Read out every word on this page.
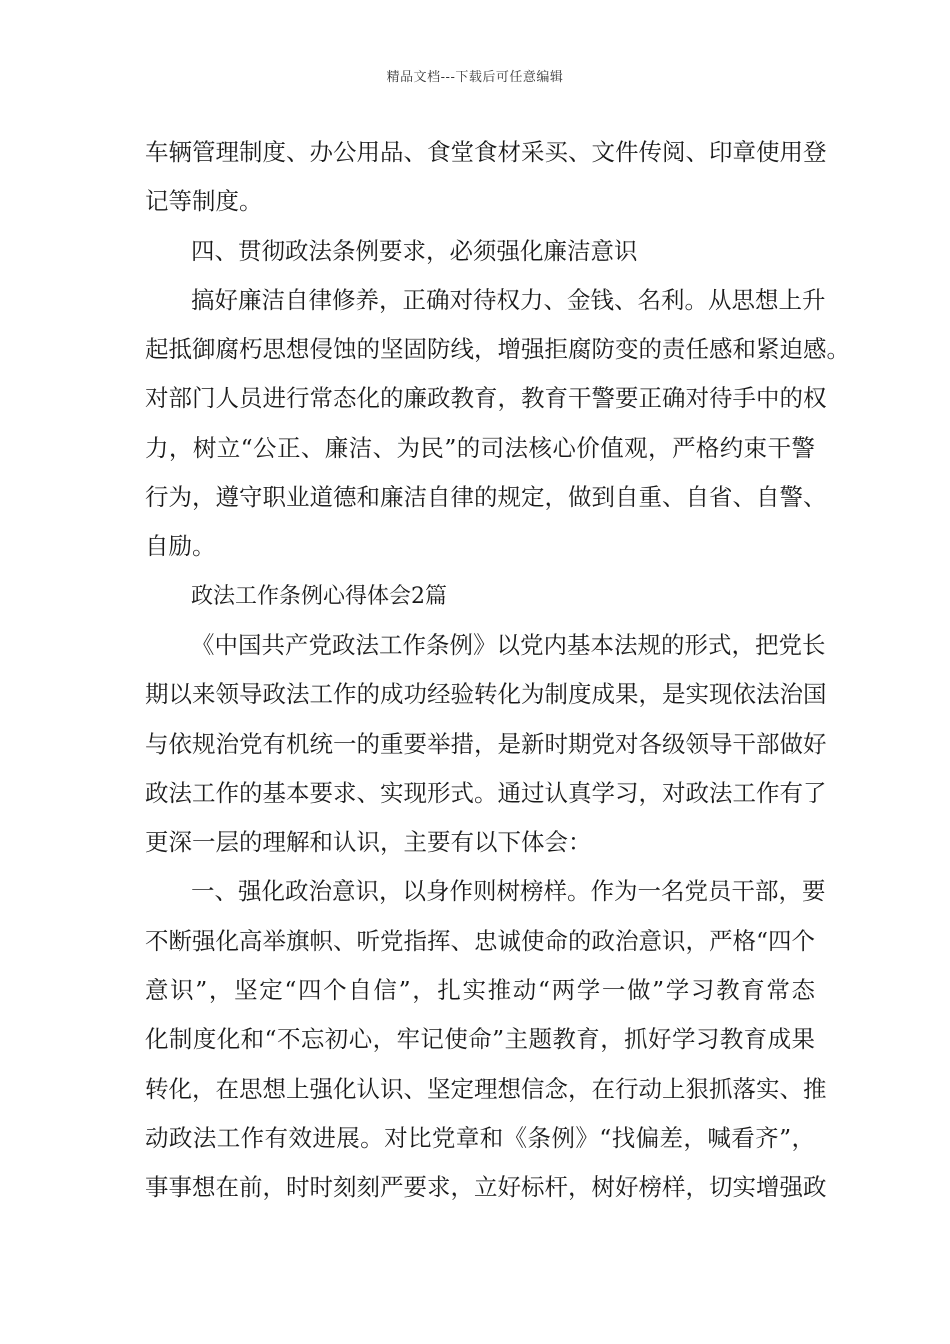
精品文档---下载后可任意编辑
车辆管理制度、办公用品、食堂食材采买、文件传阅、印章使用登
记等制度。
四、贯彻政法条例要求，必须强化廉洁意识
搞好廉洁自律修养，正确对待权力、金钱、名利。从思想上升
起抵御腐朽思想侵蚀的坚固防线，增强拒腐防变的责任感和紧迫感。
对部门人员进行常态化的廉政教育，教育干警要正确对待手中的权
力，树立“公正、廉洁、为民”的司法核心价值观，严格约束干警
行为，遵守职业道德和廉洁自律的规定，做到自重、自省、自警、
自励。
政法工作条例心得体会2篇
《中国共产党政法工作条例》以党内基本法规的形式，把党长
期以来领导政法工作的成功经验转化为制度成果，是实现依法治国
与依规治党有机统一的重要举措，是新时期党对各级领导干部做好
政法工作的基本要求、实现形式。通过认真学习，对政法工作有了
更深一层的理解和认识，主要有以下体会：
一、强化政治意识，以身作则树榜样。作为一名党员干部，要
不断强化高举旗帜、听党指挥、忠诚使命的政治意识，严格“四个
意识”，坚定“四个自信”，扎实推动“两学一做”学习教育常态
化制度化和“不忘初心，牢记使命”主题教育，抓好学习教育成果
转化，在思想上强化认识、坚定理想信念，在行动上狠抓落实、推
动政法工作有效进展。对比党章和《条例》“找偏差，喊看齐”，
事事想在前，时时刻刻严要求，立好标杆，树好榜样，切实增强政
